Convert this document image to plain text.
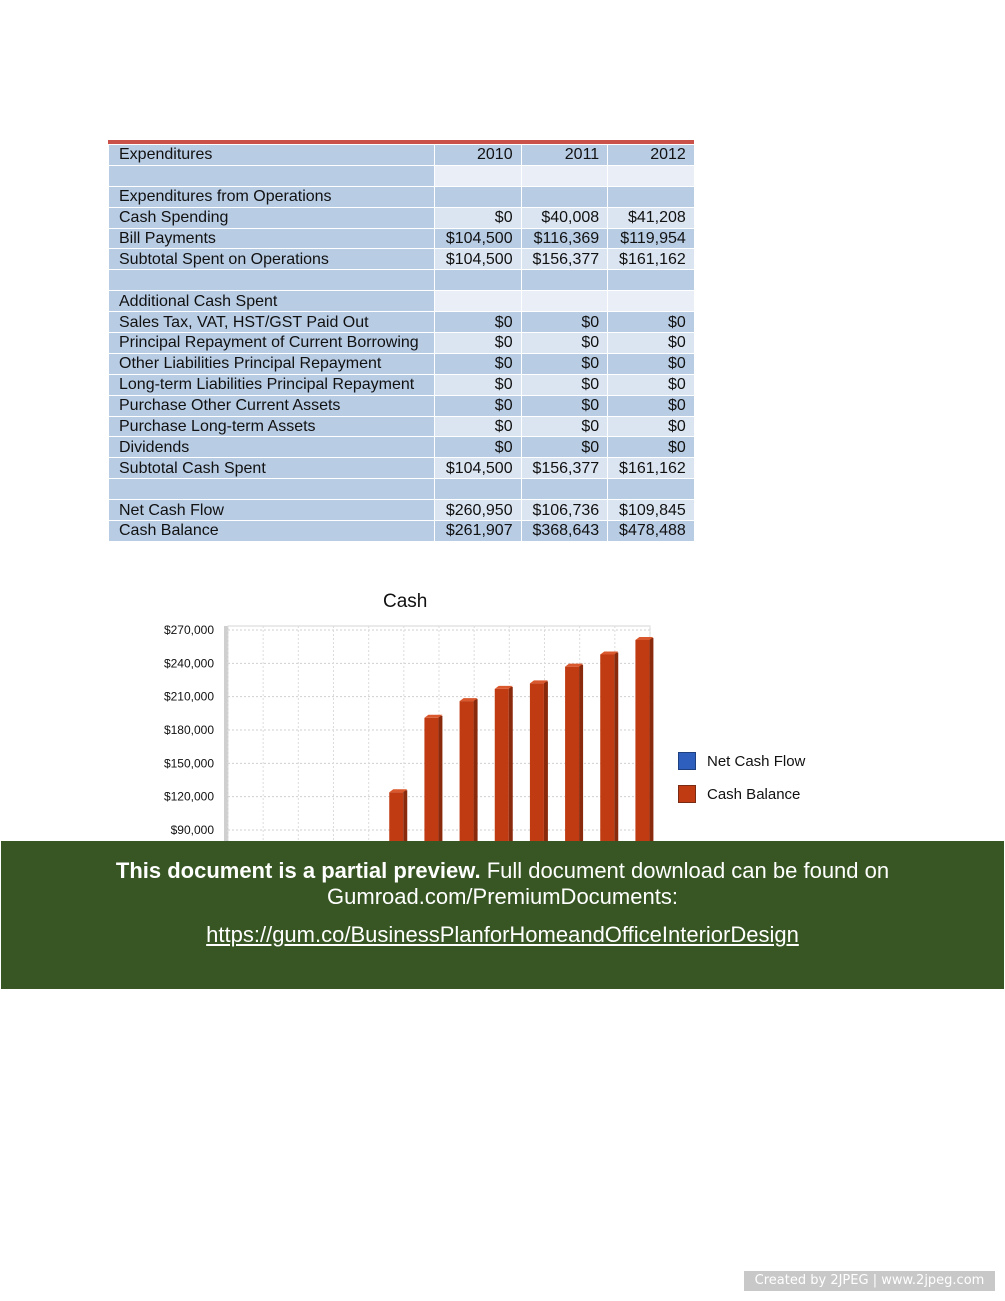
Expenditures	2010	2011	2012

Expenditures from Operations			
Cash Spending	$0	$40,008	$41,208
Bill Payments	$104,500	$116,369	$119,954
Subtotal Spent on Operations	$104,500	$156,377	$161,162

Additional Cash Spent			
Sales Tax, VAT, HST/GST Paid Out	$0	$0	$0
Principal Repayment of Current Borrowing	$0	$0	$0
Other Liabilities Principal Repayment	$0	$0	$0
Long-term Liabilities Principal Repayment	$0	$0	$0
Purchase Other Current Assets	$0	$0	$0
Purchase Long-term Assets	$0	$0	$0
Dividends	$0	$0	$0
Subtotal Cash Spent	$104,500	$156,377	$161,162

Net Cash Flow	$260,950	$106,736	$109,845
Cash Balance	$261,907	$368,643	$478,488
Cash
$270,000
$240,000
$210,000
$180,000
$150,000
$120,000
$90,000
Net Cash Flow
Cash Balance
This document is a partial preview. Full document download can be found on Gumroad.com/PremiumDocuments:
https://gum.co/BusinessPlanforHomeandOfficeInteriorDesign
Created by 2JPEG | www.2jpeg.com
